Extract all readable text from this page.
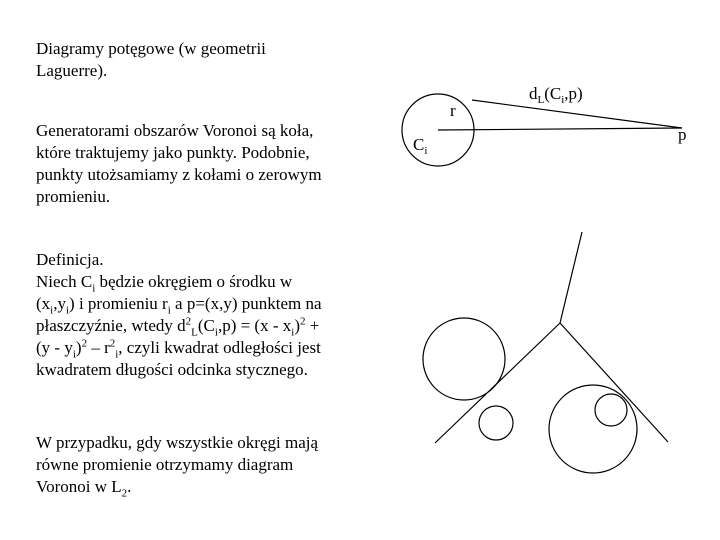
Diagramy potęgowe (w geometrii
Laguerre).
Generatorami obszarów Voronoi są koła,
które traktujemy jako punkty. Podobnie,
punkty utożsamiamy z kołami o zerowym
promieniu.
Definicja.
Niech $C_i$ będzie okręgiem o środku w
$(x_i,y_i)$ i promieniu $r_i$ a p=(x,y) punktem na
płaszczyźnie, wtedy $d^2_L(C_i,p) = (x - x_i)^2$ +
$(y - y_i)^2 - r^2_i$, czyli kwadrat odległości jest
kwadratem długości odcinka stycznego.
W przypadku, gdy wszystkie okręgi mają
równe promienie otrzymamy diagram
Voronoi w $L_2$.
r
$C_i$
p
$d_L(C_i,p)$
